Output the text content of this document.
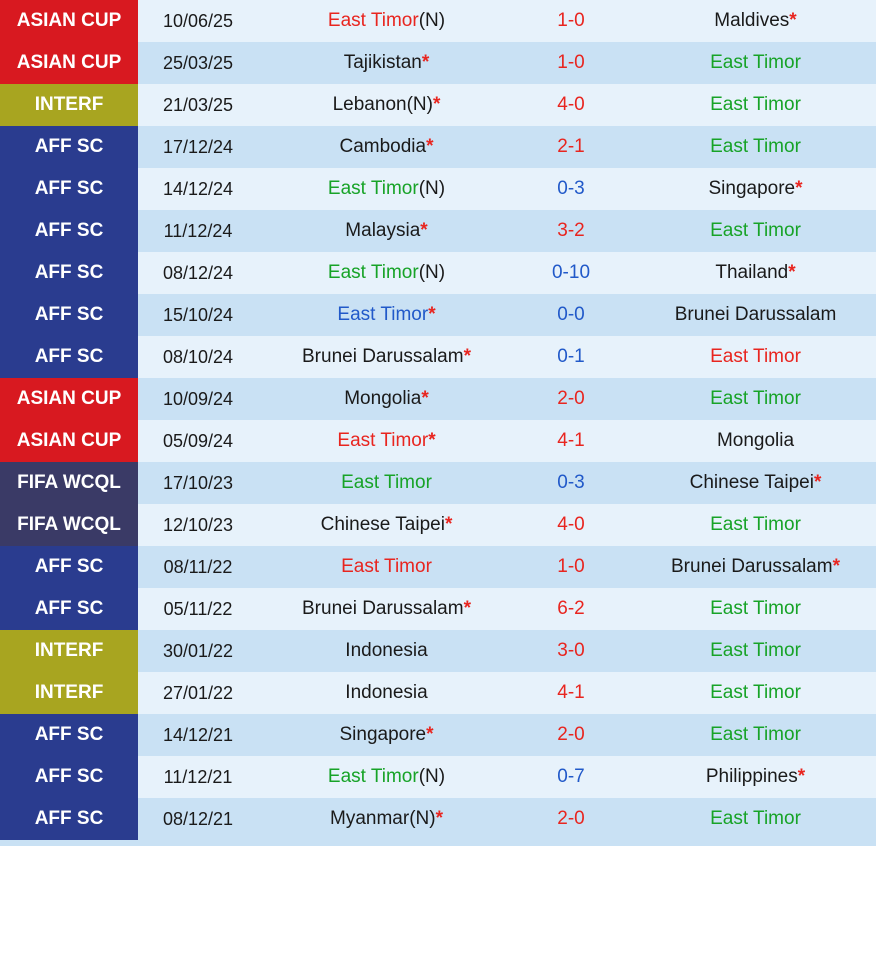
ASIAN CUP	10/06/25	East Timor(N)	1-0	Maldives*
ASIAN CUP	25/03/25	Tajikistan*	1-0	East Timor
INTERF	21/03/25	Lebanon(N)*	4-0	East Timor
AFF SC	17/12/24	Cambodia*	2-1	East Timor
AFF SC	14/12/24	East Timor(N)	0-3	Singapore*
AFF SC	11/12/24	Malaysia*	3-2	East Timor
AFF SC	08/12/24	East Timor(N)	0-10	Thailand*
AFF SC	15/10/24	East Timor*	0-0	Brunei Darussalam
AFF SC	08/10/24	Brunei Darussalam*	0-1	East Timor
ASIAN CUP	10/09/24	Mongolia*	2-0	East Timor
ASIAN CUP	05/09/24	East Timor*	4-1	Mongolia
FIFA WCQL	17/10/23	East Timor	0-3	Chinese Taipei*
FIFA WCQL	12/10/23	Chinese Taipei*	4-0	East Timor
AFF SC	08/11/22	East Timor	1-0	Brunei Darussalam*
AFF SC	05/11/22	Brunei Darussalam*	6-2	East Timor
INTERF	30/01/22	Indonesia	3-0	East Timor
INTERF	27/01/22	Indonesia	4-1	East Timor
AFF SC	14/12/21	Singapore*	2-0	East Timor
AFF SC	11/12/21	East Timor(N)	0-7	Philippines*
AFF SC	08/12/21	Myanmar(N)*	2-0	East Timor
